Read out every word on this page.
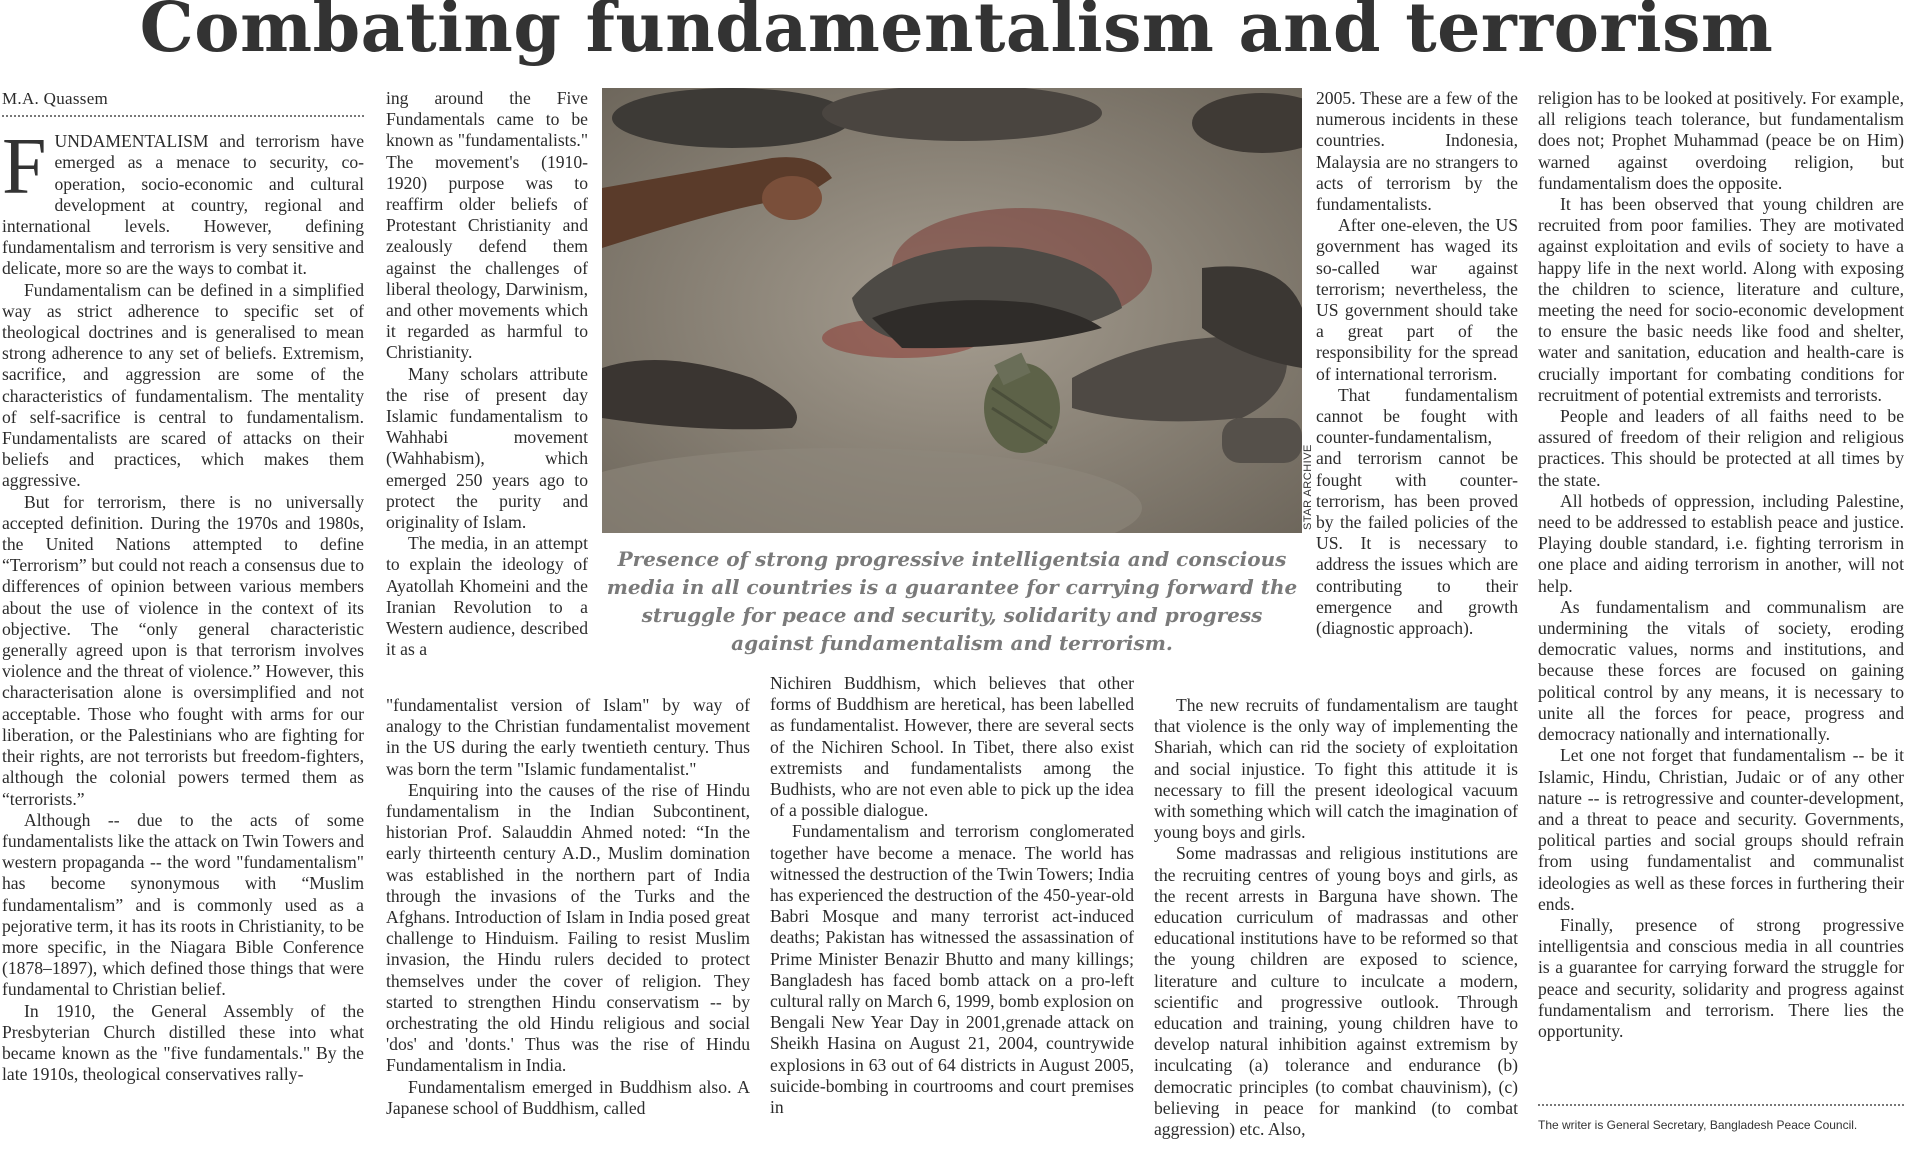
Combating fundamentalism and terrorism
M.A. Quassem
F UNDAMENTALISM and terrorism have emerged as a menace to security, co-operation, socio-economic and cultural development at country, regional and international levels. However, defining fundamentalism and terrorism is very sensitive and delicate, more so are the ways to combat it.

Fundamentalism can be defined in a simplified way as strict adherence to specific set of theological doctrines and is generalised to mean strong adherence to any set of beliefs. Extremism, sacrifice, and aggression are some of the characteristics of fundamentalism. The mentality of self-sacrifice is central to fundamentalism. Fundamentalists are scared of attacks on their beliefs and practices, which makes them aggressive.

But for terrorism, there is no universally accepted definition. During the 1970s and 1980s, the United Nations attempted to define “Terrorism” but could not reach a consensus due to differences of opinion between various members about the use of violence in the context of its objective. The “only general characteristic generally agreed upon is that terrorism involves violence and the threat of violence.” However, this characterisation alone is oversimplified and not acceptable. Those who fought with arms for our liberation, or the Palestinians who are fighting for their rights, are not terrorists but freedom-fighters, although the colonial powers termed them as “terrorists.”

Although -- due to the acts of some fundamentalists like the attack on Twin Towers and western propaganda -- the word "fundamentalism" has become synonymous with “Muslim fundamentalism” and is commonly used as a pejorative term, it has its roots in Christianity, to be more specific, in the Niagara Bible Conference (1878–1897), which defined those things that were fundamental to Christian belief.

In 1910, the General Assembly of the Presbyterian Church distilled these into what became known as the "five fundamentals." By the late 1910s, theological conservatives rally-

ing around the Five Fundamentals came to be known as "fundamentalists." The movement's (1910-1920) purpose was to reaffirm older beliefs of Protestant Christianity and zealously defend them against the challenges of liberal theology, Darwinism, and other movements which it regarded as harmful to Christianity.

Many scholars attribute the rise of present day Islamic fundamentalism to Wahhabi movement (Wahhabism), which emerged 250 years ago to protect the purity and originality of Islam.

The media, in an attempt to explain the ideology of Ayatollah Khomeini and the Iranian Revolution to a Western audience, described it as a

STAR ARCHIVE
Presence of strong progressive intelligentsia and conscious media in all countries is a guarantee for carrying forward the struggle for peace and security, solidarity and progress against fundamentalism and terrorism.

"fundamentalist version of Islam" by way of analogy to the Christian fundamentalist movement in the US during the early twentieth century. Thus was born the term "Islamic fundamentalist."

Enquiring into the causes of the rise of Hindu fundamentalism in the Indian Subcontinent, historian Prof. Salauddin Ahmed noted: “In the early thirteenth century A.D., Muslim domination was established in the northern part of India through the invasions of the Turks and the Afghans. Introduction of Islam in India posed great challenge to Hinduism. Failing to resist Muslim invasion, the Hindu rulers decided to protect themselves under the cover of religion. They started to strengthen Hindu conservatism -- by orchestrating the old Hindu religious and social 'dos' and 'donts.' Thus was the rise of Hindu Fundamentalism in India.

Fundamentalism emerged in Buddhism also. A Japanese school of Buddhism, called

Nichiren Buddhism, which believes that other forms of Buddhism are heretical, has been labelled as fundamentalist. However, there are several sects of the Nichiren School. In Tibet, there also exist extremists and fundamentalists among the Budhists, who are not even able to pick up the idea of a possible dialogue.

Fundamentalism and terrorism conglomerated together have become a menace. The world has witnessed the destruction of the Twin Towers; India has experienced the destruction of the 450-year-old Babri Mosque and many terrorist act-induced deaths; Pakistan has witnessed the assassination of Prime Minister Benazir Bhutto and many killings; Bangladesh has faced bomb attack on a pro-left cultural rally on March 6, 1999, bomb explosion on Bengali New Year Day in 2001,grenade attack on Sheikh Hasina on August 21, 2004, countrywide explosions in 63 out of 64 districts in August 2005, suicide-bombing in courtrooms and court premises in

2005. These are a few of the numerous incidents in these countries. Indonesia, Malaysia are no strangers to acts of terrorism by the fundamentalists.

After one-eleven, the US government has waged its so-called war against terrorism; nevertheless, the US government should take a great part of the responsibility for the spread of international terrorism.

That fundamentalism cannot be fought with counter-fundamentalism, and terrorism cannot be fought with counter-terrorism, has been proved by the failed policies of the US. It is necessary to address the issues which are contributing to their emergence and growth (diagnostic approach).

The new recruits of fundamentalism are taught that violence is the only way of implementing the Shariah, which can rid the society of exploitation and social injustice. To fight this attitude it is necessary to fill the present ideological vacuum with something which will catch the imagination of young boys and girls.

Some madrassas and religious institutions are the recruiting centres of young boys and girls, as the recent arrests in Barguna have shown. The education curriculum of madrassas and other educational institutions have to be reformed so that the young children are exposed to science, literature and culture to inculcate a modern, scientific and progressive outlook. Through education and training, young children have to develop natural inhibition against extremism by inculcating (a) tolerance and endurance (b) democratic principles (to combat chauvinism), (c) believing in peace for mankind (to combat aggression) etc. Also,

religion has to be looked at positively. For example, all religions teach tolerance, but fundamentalism does not; Prophet Muhammad (peace be on Him) warned against overdoing religion, but fundamentalism does the opposite.

It has been observed that young children are recruited from poor families. They are motivated against exploitation and evils of society to have a happy life in the next world. Along with exposing the children to science, literature and culture, meeting the need for socio-economic development to ensure the basic needs like food and shelter, water and sanitation, education and health-care is crucially important for combating conditions for recruitment of potential extremists and terrorists.

People and leaders of all faiths need to be assured of freedom of their religion and religious practices. This should be protected at all times by the state.

All hotbeds of oppression, including Palestine, need to be addressed to establish peace and justice. Playing double standard, i.e. fighting terrorism in one place and aiding terrorism in another, will not help.

As fundamentalism and communalism are undermining the vitals of society, eroding democratic values, norms and institutions, and because these forces are focused on gaining political control by any means, it is necessary to unite all the forces for peace, progress and democracy nationally and internationally.

Let one not forget that fundamentalism -- be it Islamic, Hindu, Christian, Judaic or of any other nature -- is retrogressive and counter-development, and a threat to peace and security. Governments, political parties and social groups should refrain from using fundamentalist and communalist ideologies as well as these forces in furthering their ends.

Finally, presence of strong progressive intelligentsia and conscious media in all countries is a guarantee for carrying forward the struggle for peace and security, solidarity and progress against fundamentalism and terrorism. There lies the opportunity.

The writer is General Secretary, Bangladesh Peace Council.
